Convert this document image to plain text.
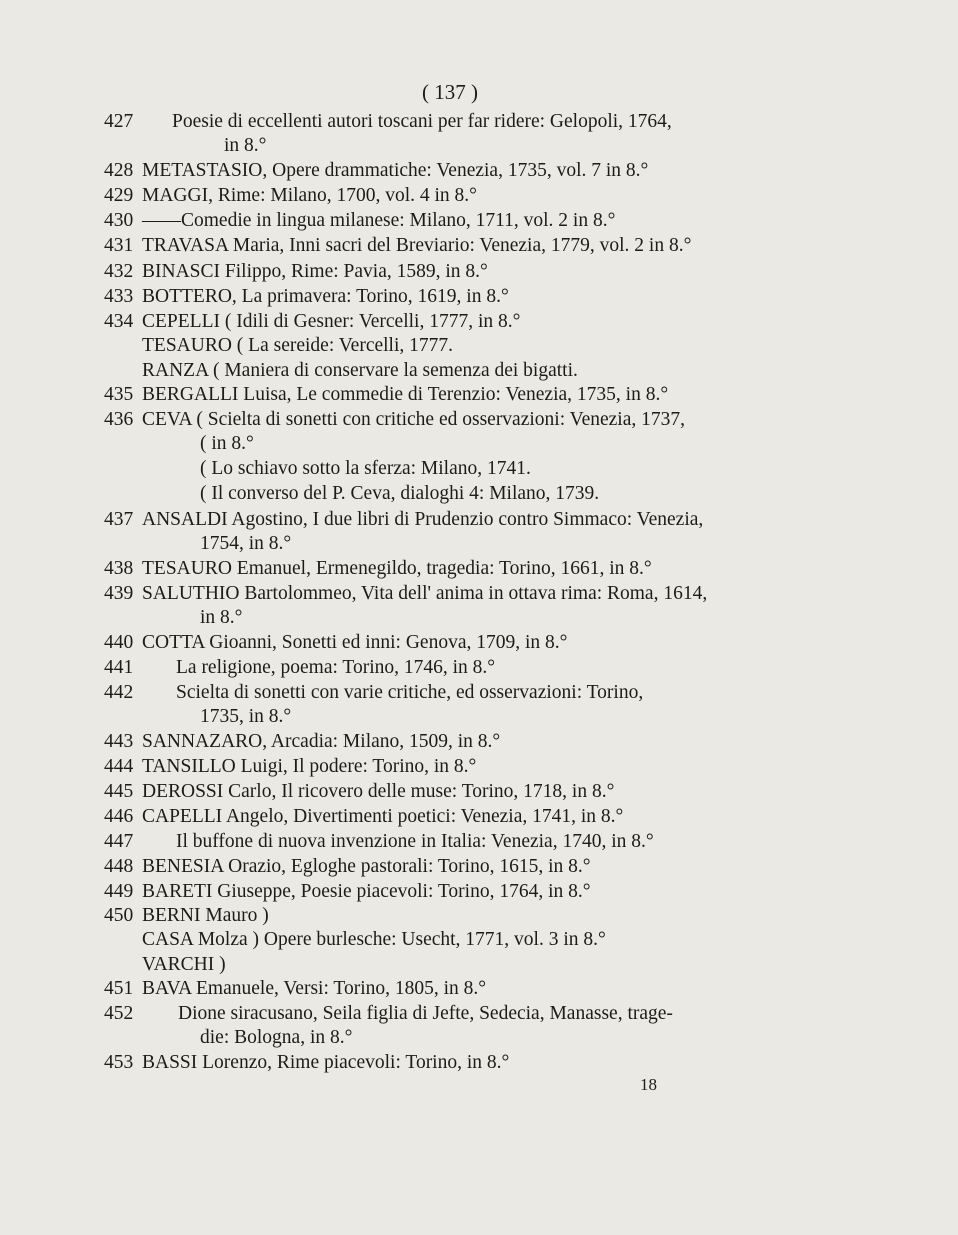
( 137 )
427	Poesie di eccellenti autori toscani per far ridere: Gelopoli, 1764,
in 8.°
428 METASTASIO, Opere drammatiche: Venezia, 1735, vol. 7 in 8.°
429 MAGGI, Rime: Milano, 1700, vol. 4 in 8.°
430 ——Comedie in lingua milanese: Milano, 1711, vol. 2 in 8.°
431 TRAVASA Maria, Inni sacri del Breviario: Venezia, 1779, vol. 2 in 8.°
432 BINASCI Filippo, Rime: Pavia, 1589, in 8.°
433 BOTTERO, La primavera: Torino, 1619, in 8.°
434 CEPELLI ( Idili di Gesner: Vercelli, 1777, in 8.°
TESAURO ( La sereide: Vercelli, 1777.
RANZA ( Maniera di conservare la semenza dei bigatti.
435 BERGALLI Luisa, Le commedie di Terenzio: Venezia, 1735, in 8.°
436 CEVA ( Scielta di sonetti con critiche ed osservazioni: Venezia, 1737,
( in 8.°
( Lo schiavo sotto la sferza: Milano, 1741.
( Il converso del P. Ceva, dialoghi 4: Milano, 1739.
437 ANSALDI Agostino, I due libri di Prudenzio contro Simmaco: Venezia,
1754, in 8.°
438 TESAURO Emanuel, Ermenegildo, tragedia: Torino, 1661, in 8.°
439 SALUTHIO Bartolommeo, Vita dell' anima in ottava rima: Roma, 1614,
in 8.°
440 COTTA Gioanni, Sonetti ed inni: Genova, 1709, in 8.°
441	La religione, poema: Torino, 1746, in 8.°
442	Scielta di sonetti con varie critiche, ed osservazioni: Torino,
1735, in 8.°
443 SANNAZARO, Arcadia: Milano, 1509, in 8.°
444 TANSILLO Luigi, Il podere: Torino, in 8.°
445 DEROSSI Carlo, Il ricovero delle muse: Torino, 1718, in 8.°
446 CAPELLI Angelo, Divertimenti poetici: Venezia, 1741, in 8.°
447	Il buffone di nuova invenzione in Italia: Venezia, 1740, in 8.°
448 BENESIA Orazio, Egloghe pastorali: Torino, 1615, in 8.°
449 BARETI Giuseppe, Poesie piacevoli: Torino, 1764, in 8.°
450 BERNI Mauro )
CASA Molza ) Opere burlesche: Usecht, 1771, vol. 3 in 8.°
VARCHI )
451 BAVA Emanuele, Versi: Torino, 1805, in 8.°
452	Dione siracusano, Seila figlia di Jefte, Sedecia, Manasse, trage-
die: Bologna, in 8.°
453 BASSI Lorenzo, Rime piacevoli: Torino, in 8.°
18
